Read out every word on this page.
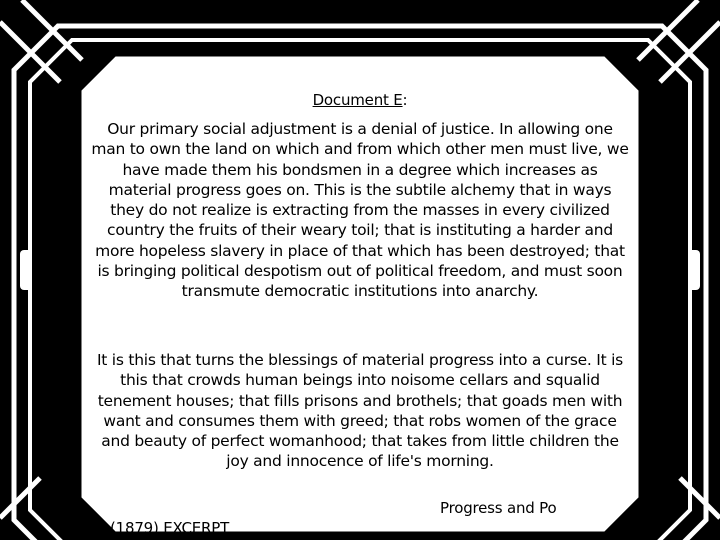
Document E:
Our primary social adjustment is a denial of justice. In allowing one man to own the land on which and from which other men must live, we have made them his bondsmen in a degree which increases as material progress goes on. This is the subtile alchemy that in ways they do not realize is extracting from the masses in every civilized country the fruits of their weary toil; that is instituting a harder and more hopeless slavery in place of that which has been destroyed; that is bringing political despotism out of political freedom, and must soon transmute democratic institutions into anarchy.
It is this that turns the blessings of material progress into a curse. It is this that crowds human beings into noisome cellars and squalid tenement houses; that fills prisons and brothels; that goads men with want and consumes them with greed; that robs women of the grace and beauty of perfect womanhood; that takes from little children the joy and innocence of life's morning.
Progress and Po
(1879) EXCERPT
